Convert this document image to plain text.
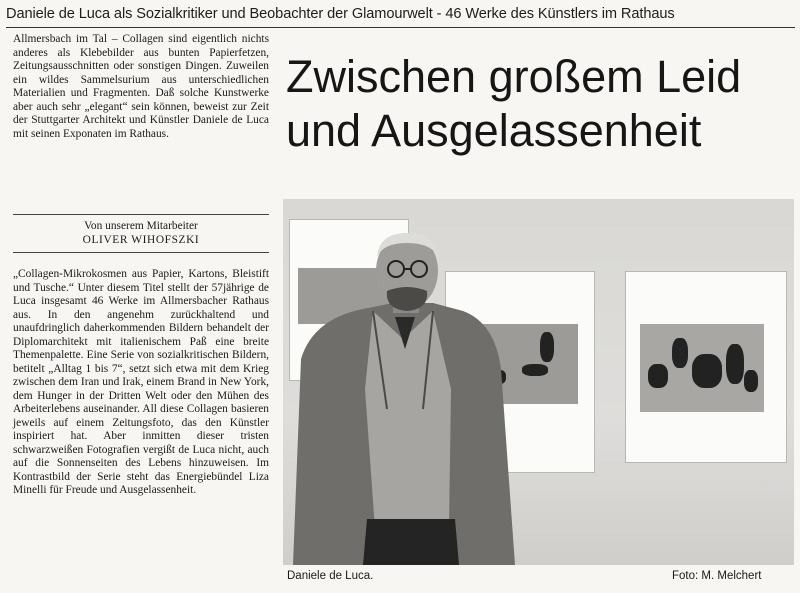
Daniele de Luca als Sozialkritiker und Beobachter der Glamourwelt - 46 Werke des Künstlers im Rathaus

Allmersbach im Tal – Collagen sind eigentlich nichts anderes als Klebebilder aus bunten Papierfetzen, Zeitungsausschnitten oder sonstigen Dingen. Zuweilen ein wildes Sammelsurium aus unterschiedlichen Materialien und Fragmenten. Daß solche Kunstwerke aber auch sehr „elegant“ sein können, beweist zur Zeit der Stuttgarter Architekt und Künstler Daniele de Luca mit seinen Exponaten im Rathaus.

Von unserem Mitarbeiter
OLIVER WIHOFSZKI

„Collagen-Mikrokosmen aus Papier, Kartons, Bleistift und Tusche.“ Unter diesem Titel stellt der 57jährige de Luca insgesamt 46 Werke im Allmersbacher Rathaus aus. In den angenehm zurückhaltend und unaufdringlich daherkommenden Bildern behandelt der Diplomarchitekt mit italienischem Paß eine breite Themenpalette. Eine Serie von sozialkritischen Bildern, betitelt „Alltag 1 bis 7“, setzt sich etwa mit dem Krieg zwischen dem Iran und Irak, einem Brand in New York, dem Hunger in der Dritten Welt oder den Mühen des Arbeiterlebens auseinander. All diese Collagen basieren jeweils auf einem Zeitungsfoto, das den Künstler inspiriert hat. Aber inmitten dieser tristen schwarzweißen Fotografien vergißt de Luca nicht, auch auf die Sonnenseiten des Lebens hinzuweisen. Im Kontrastbild der Serie steht das Energiebündel Liza Minelli für Freude und Ausgelassenheit.

Zwischen großem Leid
und Ausgelassenheit
Daniele de Luca.	Foto: M. Melchert
